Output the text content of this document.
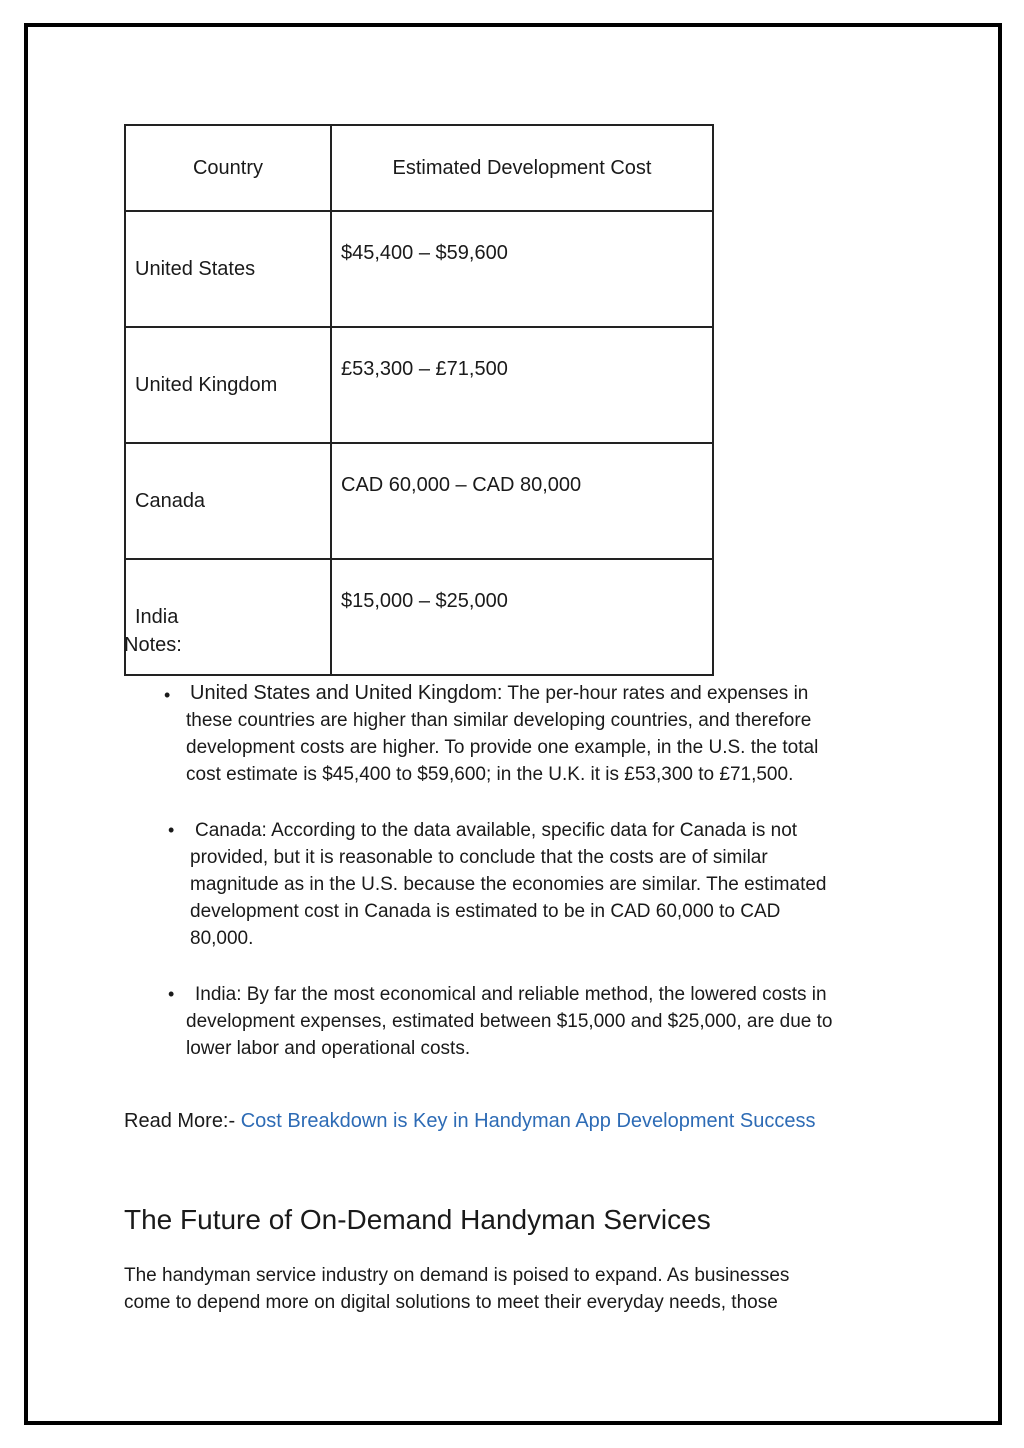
Country	Estimated Development Cost
United States	$45,400 – $59,600
United Kingdom	£53,300 – £71,500
Canada	CAD 60,000 – CAD 80,000
India	$15,000 – $25,000
Notes:
• United States and United Kingdom: The per-hour rates and expenses in
these countries are higher than similar developing countries, and therefore
development costs are higher. To provide one example, in the U.S. the total
cost estimate is $45,400 to $59,600; in the U.K. it is £53,300 to £71,500.
• Canada: According to the data available, specific data for Canada is not
provided, but it is reasonable to conclude that the costs are of similar
magnitude as in the U.S. because the economies are similar. The estimated
development cost in Canada is estimated to be in CAD 60,000 to CAD
80,000.
• India: By far the most economical and reliable method, the lowered costs in
development expenses, estimated between $15,000 and $25,000, are due to
lower labor and operational costs.
Read More:- Cost Breakdown is Key in Handyman App Development Success
The Future of On-Demand Handyman Services
The handyman service industry on demand is poised to expand. As businesses
come to depend more on digital solutions to meet their everyday needs, those
